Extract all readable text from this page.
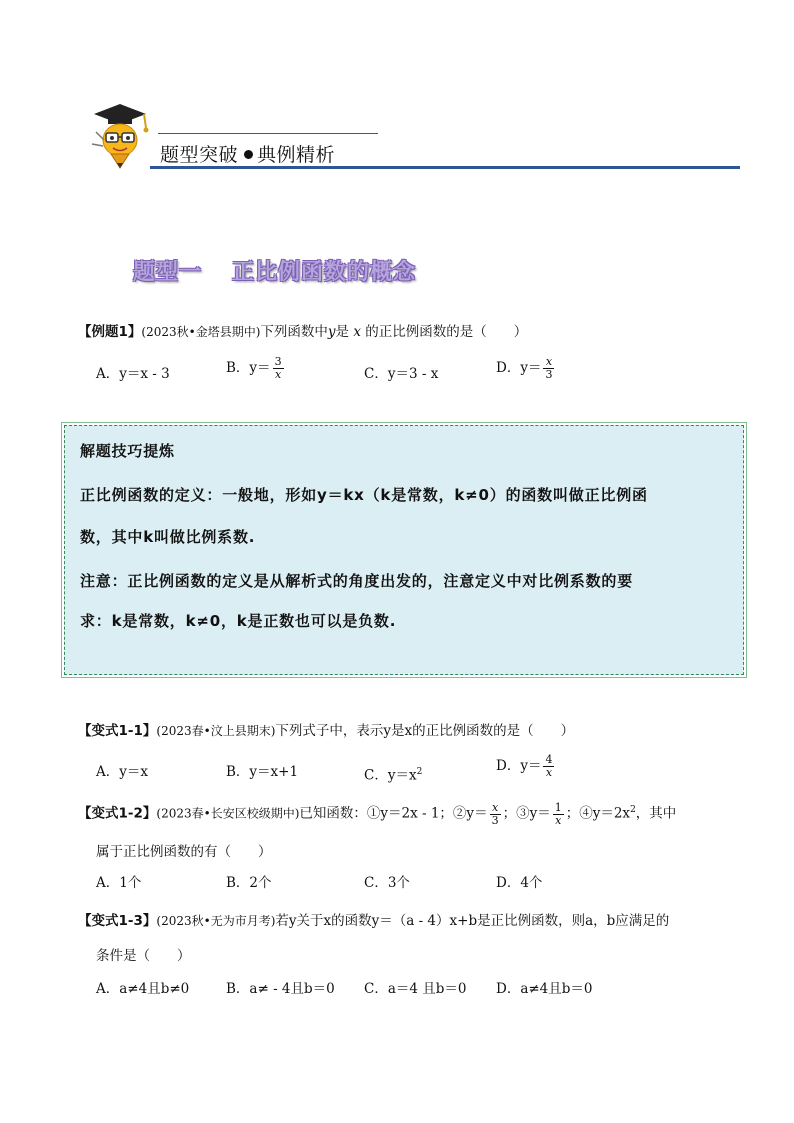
题型突破 典例精析
题型一 正比例函数的概念
【例题1】(2023秋•金塔县期中)下列函数中y是 x 的正比例函数的是（　　）
A．y＝x - 3	B．$y= \frac{3}{x}$	C．y＝3 - x	D．$y= \frac{x}{3}$
解题技巧提炼
正比例函数的定义：一般地，形如y＝kx（k是常数，k≠0）的函数叫做正比例函
数，其中k叫做比例系数.
注意：正比例函数的定义是从解析式的角度出发的，注意定义中对比例系数的要
求：k是常数，k≠0，k是正数也可以是负数.
【变式1-1】(2023春•汶上县期末)下列式子中，表示y是x的正比例函数的是（　　）
A．y＝x	B．y＝x+1	C．$y=x^2$	D．$y= \frac{4}{x}$
【变式1-2】(2023春•长安区校级期中)已知函数：①y＝2x - 1；②y＝ $\frac{x}{3}$ ；③y＝ $\frac{1}{x}$ ；$④y=2x^2$，其中
属于正比例函数的有（　　）
A．1个	B．2个	C．3个	D．4个
【变式1-3】(2023秋•无为市月考)若y关于x的函数y＝（a - 4）x+b是正比例函数，则a，b应满足的
条件是（　　）
A．a≠4且b≠0	B．a≠ - 4且b＝0 C．a＝4 且b＝0 D．a≠4且b＝0
